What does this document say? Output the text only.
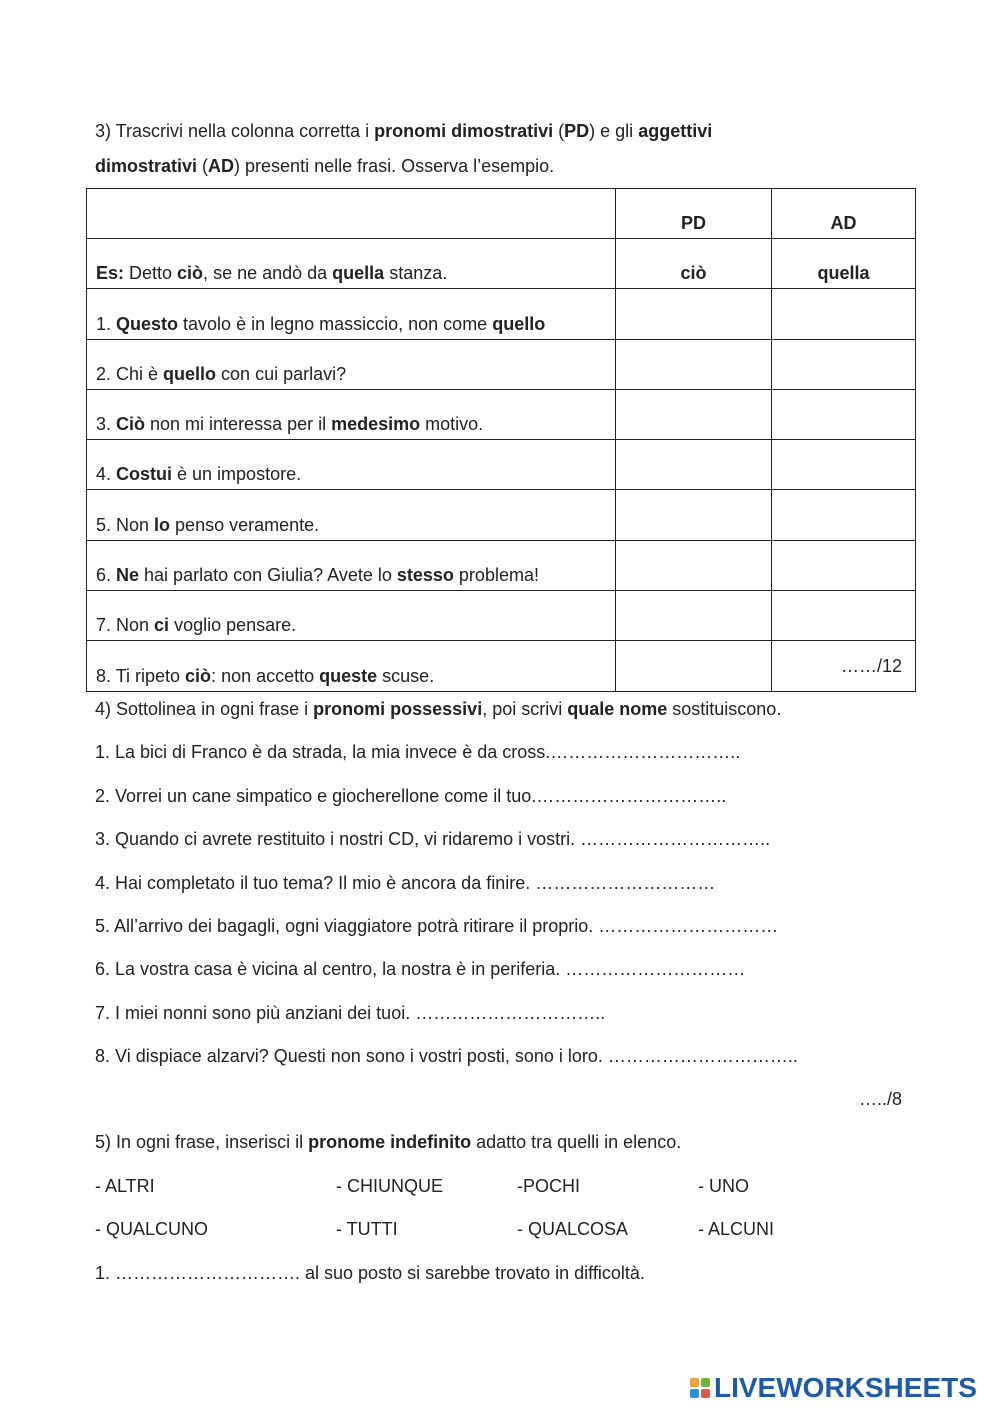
3) Trascrivi nella colonna corretta i pronomi dimostrativi (PD) e gli aggettivi
dimostrativi (AD) presenti nelle frasi. Osserva l’esempio.
	PD	AD
Es: Detto ciò, se ne andò da quella stanza.	ciò	quella
1. Questo tavolo è in legno massiccio, non come quello		
2. Chi è quello con cui parlavi?		
3. Ciò non mi interessa per il medesimo motivo.		
4. Costui è un impostore.		
5. Non lo penso veramente.		
6. Ne hai parlato con Giulia? Avete lo stesso problema!		
7. Non ci voglio pensare.		
8. Ti ripeto ciò: non accetto queste scuse.			……/12
4) Sottolinea in ogni frase i pronomi possessivi, poi scrivi quale nome sostituiscono.
1. La bici di Franco è da strada, la mia invece è da cross.…………………………..
2. Vorrei un cane simpatico e giocherellone come il tuo.…………………………..
3. Quando ci avrete restituito i nostri CD, vi ridaremo i vostri. …………………………..
4. Hai completato il tuo tema? Il mio è ancora da finire. …………………………
5. All’arrivo dei bagagli, ogni viaggiatore potrà ritirare il proprio. …………………………
6. La vostra casa è vicina al centro, la nostra è in periferia. …………………………
7. I miei nonni sono più anziani dei tuoi. …………………………..
8. Vi dispiace alzarvi? Questi non sono i vostri posti, sono i loro. …………………………..
…../8
5) In ogni frase, inserisci il pronome indefinito adatto tra quelli in elenco.
- ALTRI	- CHIUNQUE	-POCHI	- UNO
- QUALCUNO	- TUTTI	- QUALCOSA	- ALCUNI
1. …………………………. al suo posto si sarebbe trovato in difficoltà.
LIVEWORKSHEETS
